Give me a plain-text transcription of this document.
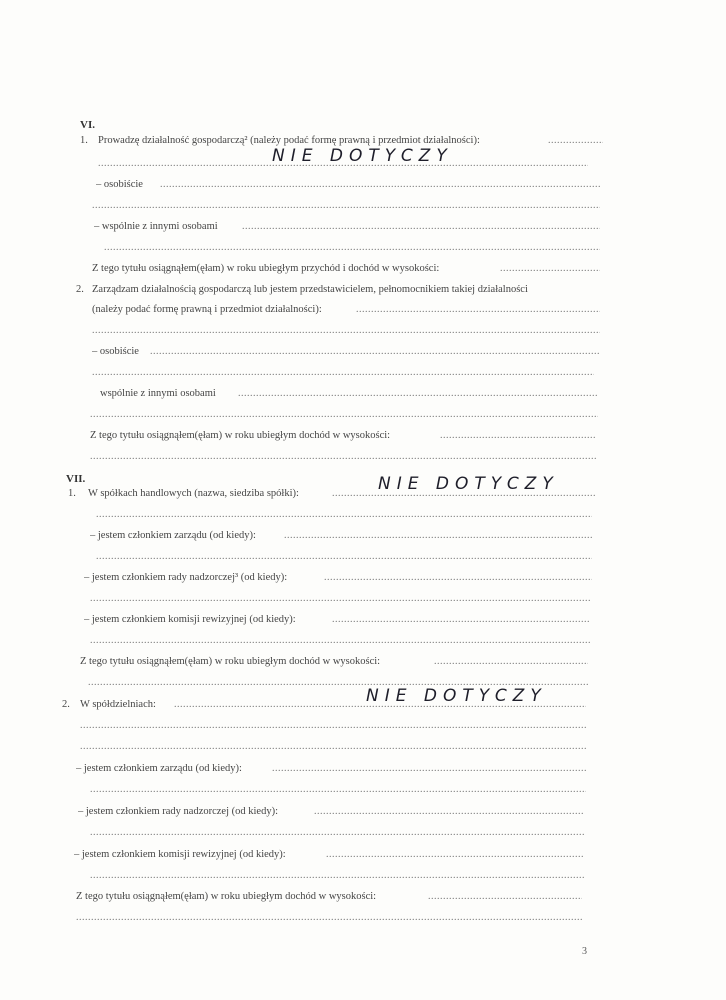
VI.
1. Prowadzę działalność gospodarczą² (należy podać formę prawną i przedmiot działalności):
.....
.....
NIE DOTYCZY
– osobiście
.....
.....
– wspólnie z innymi osobami
.....
.....
Z tego tytułu osiągnąłem(ęłam) w roku ubiegłym przychód i dochód w wysokości:
.....
2. Zarządzam działalnością gospodarczą lub jestem przedstawicielem, pełnomocnikiem takiej działalności
(należy podać formę prawną i przedmiot działalności):
.....
.....
– osobiście
.....
.....
wspólnie z innymi osobami
.....
.....
Z tego tytułu osiągnąłem(ęłam) w roku ubiegłym dochód w wysokości:
.....
.....
VII.
1. W spółkach handlowych (nazwa, siedziba spółki): .....	NIE DOTYCZY
.....
– jestem członkiem zarządu (od kiedy):
.....
.....
– jestem członkiem rady nadzorczej³ (od kiedy):
.....
.....
– jestem członkiem komisji rewizyjnej (od kiedy):
.....
.....
Z tego tytułu osiągnąłem(ęłam) w roku ubiegłym dochód w wysokości:
.....
.....
2. W spółdzielniach: .....	NIE DOTYCZY
.....
.....
– jestem członkiem zarządu (od kiedy):
.....
.....
– jestem członkiem rady nadzorczej (od kiedy):
.....
.....
– jestem członkiem komisji rewizyjnej (od kiedy):
.....
.....
Z tego tytułu osiągnąłem(ęłam) w roku ubiegłym dochód w wysokości:
.....
.....
3
